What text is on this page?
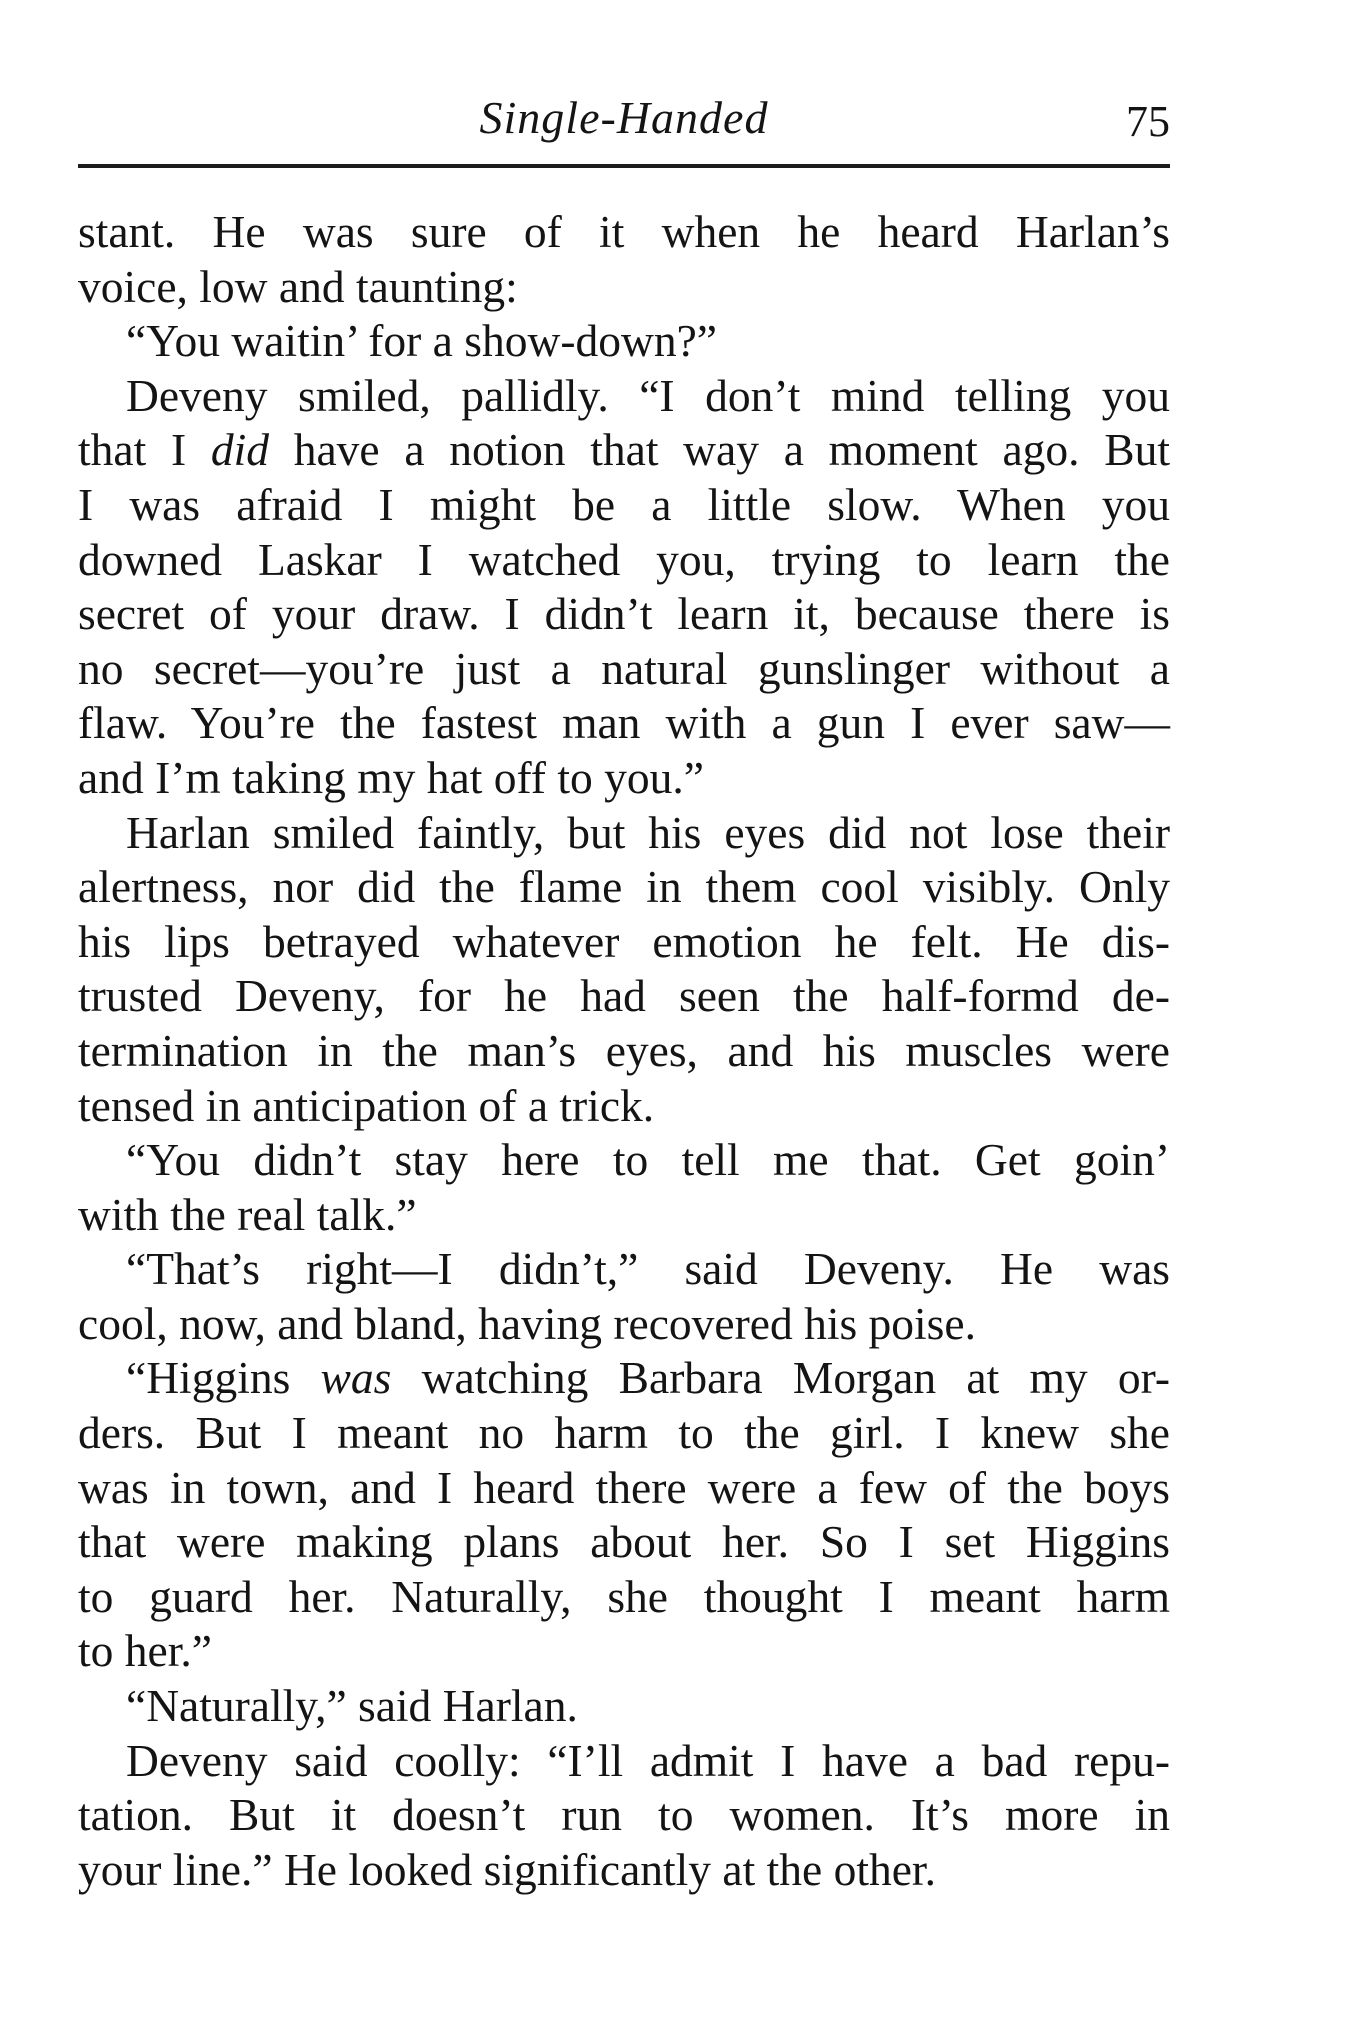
Single-Handed	75
stant. He was sure of it when he heard Harlan’s
voice, low and taunting:
“You waitin’ for a show-down?”
Deveny smiled, pallidly. “I don’t mind telling you
that I did have a notion that way a moment ago. But
I was afraid I might be a little slow. When you
downed Laskar I watched you, trying to learn the
secret of your draw. I didn’t learn it, because there is
no secret—you’re just a natural gunslinger without a
flaw. You’re the fastest man with a gun I ever saw—
and I’m taking my hat off to you.”
Harlan smiled faintly, but his eyes did not lose their
alertness, nor did the flame in them cool visibly. Only
his lips betrayed whatever emotion he felt. He dis-
trusted Deveny, for he had seen the half-formd de-
termination in the man’s eyes, and his muscles were
tensed in anticipation of a trick.
“You didn’t stay here to tell me that. Get goin’
with the real talk.”
“That’s right—I didn’t,” said Deveny. He was
cool, now, and bland, having recovered his poise.
“Higgins was watching Barbara Morgan at my or-
ders. But I meant no harm to the girl. I knew she
was in town, and I heard there were a few of the boys
that were making plans about her. So I set Higgins
to guard her. Naturally, she thought I meant harm
to her.”
“Naturally,” said Harlan.
Deveny said coolly: “I’ll admit I have a bad repu-
tation. But it doesn’t run to women. It’s more in
your line.” He looked significantly at the other.
